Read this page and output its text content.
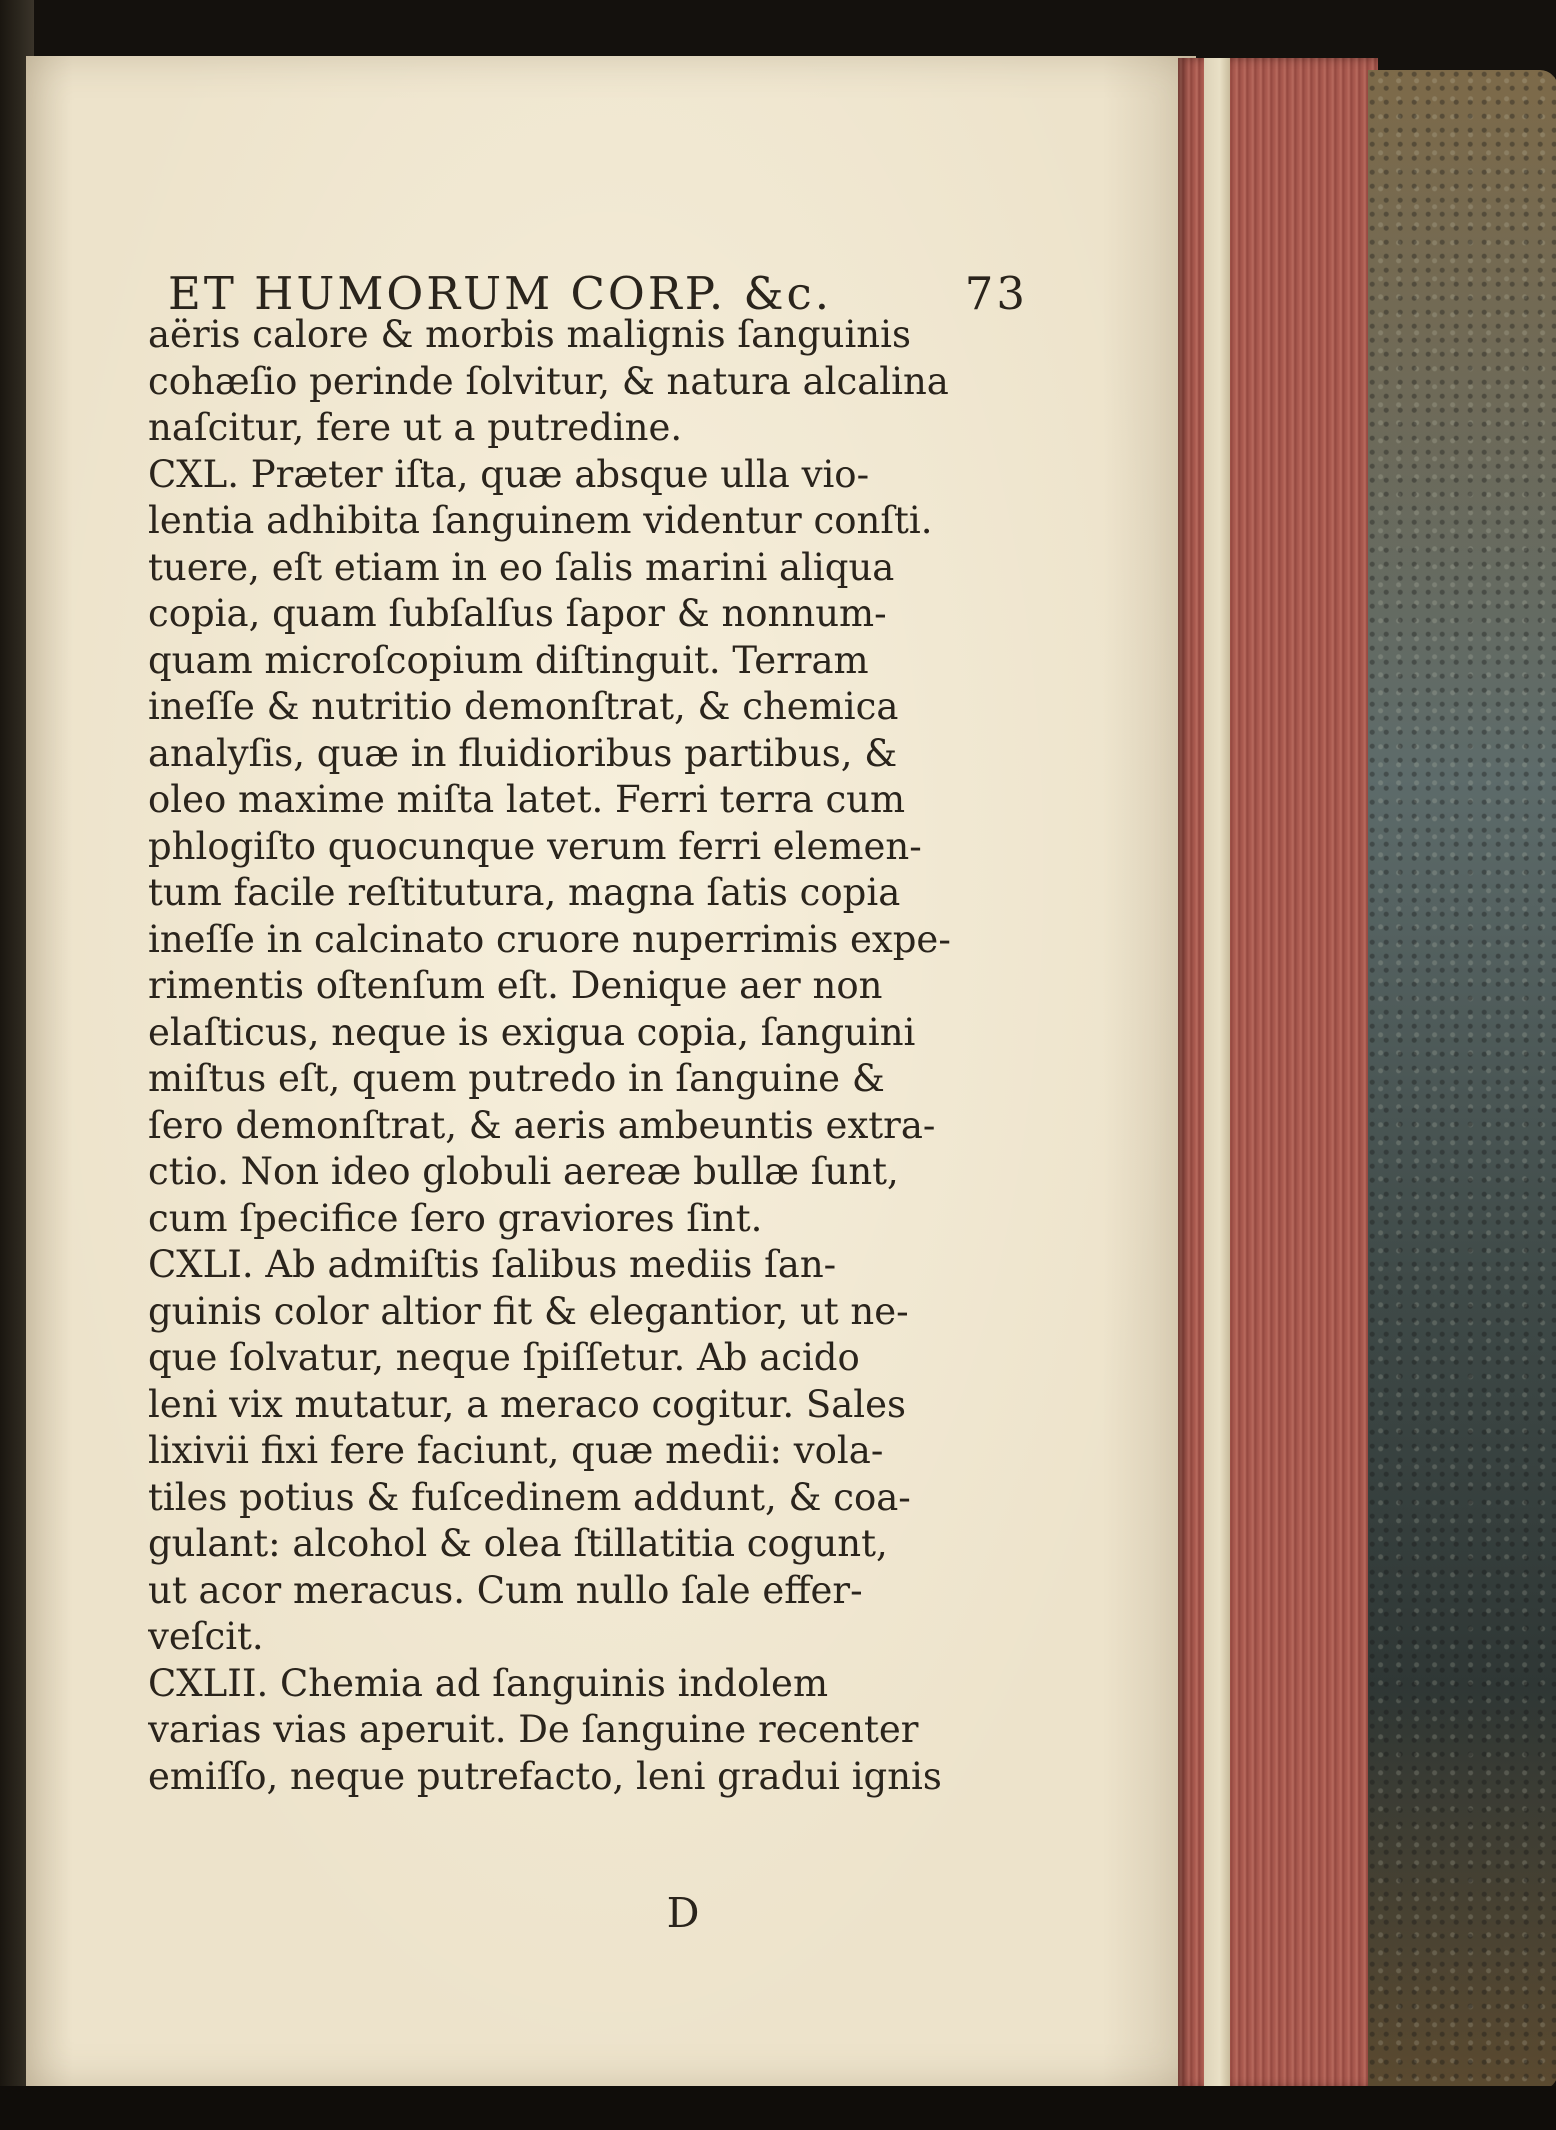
ET HUMORUM CORP. &c.	73
aëris calore & morbis malignis ſanguinis
cohæſio perinde ſolvitur, & natura alcalina
naſcitur, fere ut a putredine.
CXL. Præter iſta, quæ absque ulla vio-
lentia adhibita ſanguinem videntur conſti.
tuere, eſt etiam in eo ſalis marini aliqua
copia, quam ſubſalſus ſapor & nonnum-
quam microſcopium diſtinguit. Terram
ineſſe & nutritio demonſtrat, & chemica
analyſis, quæ in fluidioribus partibus, &
oleo maxime miſta latet. Ferri terra cum
phlogiſto quocunque verum ferri elemen-
tum facile reſtitutura, magna ſatis copia
ineſſe in calcinato cruore nuperrimis expe-
rimentis oſtenſum eſt. Denique aer non
elaſticus, neque is exigua copia, ſanguini
miſtus eſt, quem putredo in ſanguine &
ſero demonſtrat, & aeris ambeuntis extra-
ctio. Non ideo globuli aereæ bullæ ſunt,
cum ſpecifice ſero graviores ſint.
CXLI. Ab admiſtis ſalibus mediis ſan-
guinis color altior fit & elegantior, ut ne-
que ſolvatur, neque ſpiſſetur. Ab acido
leni vix mutatur, a meraco cogitur. Sales
lixivii fixi fere faciunt, quæ medii: vola-
tiles potius & fuſcedinem addunt, & coa-
gulant: alcohol & olea ſtillatitia cogunt,
ut acor meracus. Cum nullo ſale effer-
veſcit.
CXLII. Chemia ad ſanguinis indolem
varias vias aperuit. De ſanguine recenter
emiſſo, neque putrefacto, leni gradui ignis
D
